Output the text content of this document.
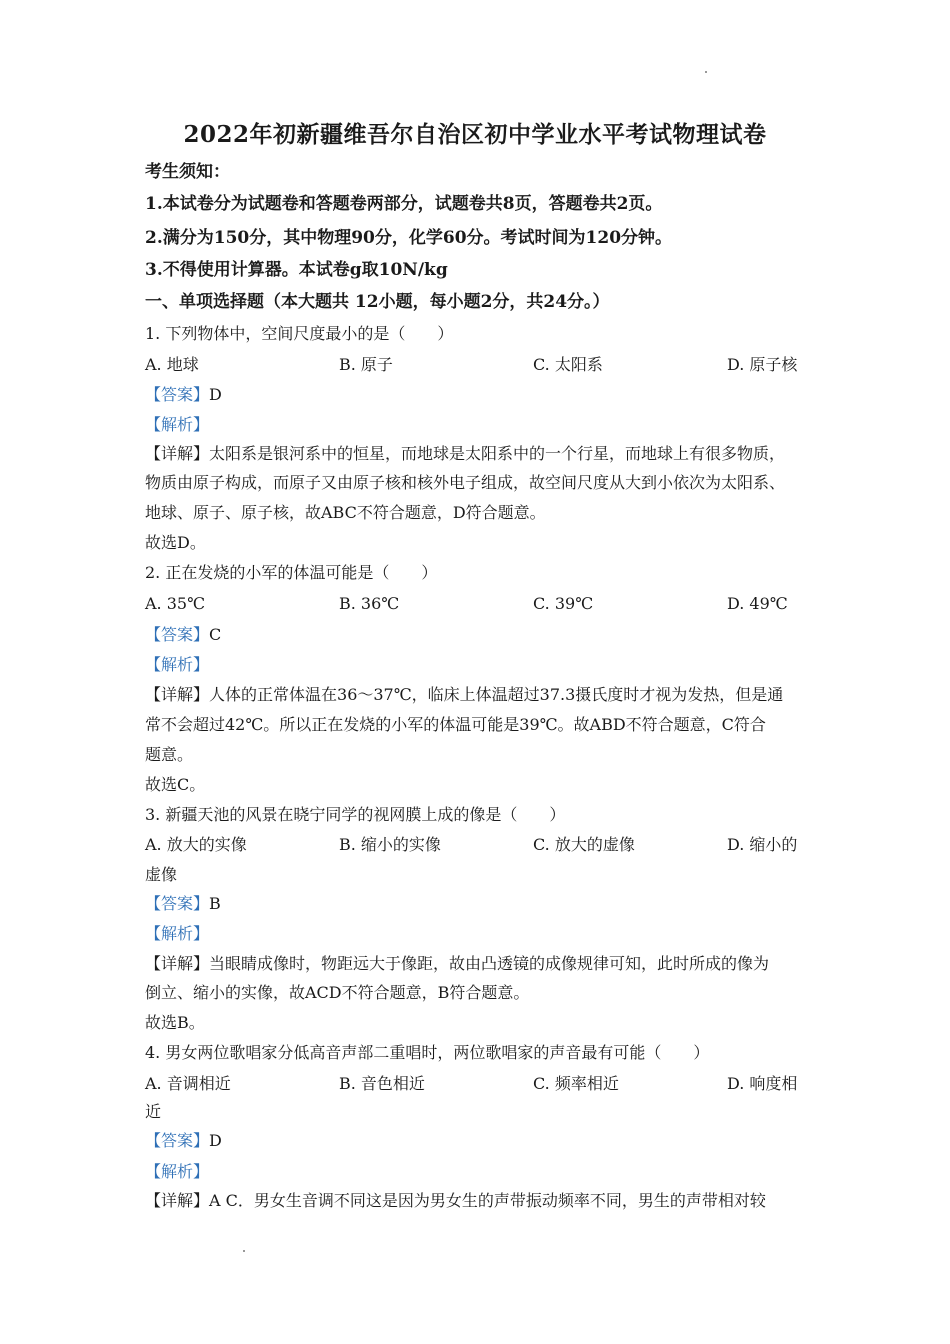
2022年初新疆维吾尔自治区初中学业水平考试物理试卷
考生须知：
1.本试卷分为试题卷和答题卷两部分，试题卷共8页，答题卷共2页。
2.满分为150分，其中物理90分，化学60分。考试时间为120分钟。
3.不得使用计算器。本试卷g取10N/kg
一、单项选择题（本大题共 12小题，每小题2分，共24分。）
1. 下列物体中，空间尺度最小的是（　　）
A. 地球	B. 原子	C. 太阳系	D. 原子核
【答案】D
【解析】
【详解】太阳系是银河系中的恒星，而地球是太阳系中的一个行星，而地球上有很多物质，
物质由原子构成，而原子又由原子核和核外电子组成，故空间尺度从大到小依次为太阳系、
地球、原子、原子核，故ABC不符合题意，D符合题意。
故选D。
2. 正在发烧的小军的体温可能是（　　）
A. 35℃	B. 36℃	C. 39℃	D. 49℃
【答案】C
【解析】
【详解】人体的正常体温在36～37℃，临床上体温超过37.3摄氏度时才视为发热，但是通
常不会超过42℃。所以正在发烧的小军的体温可能是39℃。故ABD不符合题意，C符合
题意。
故选C。
3. 新疆天池的风景在晓宁同学的视网膜上成的像是（　　）
A. 放大的实像	B. 缩小的实像	C. 放大的虚像	D. 缩小的
虚像
【答案】B
【解析】
【详解】当眼睛成像时，物距远大于像距，故由凸透镜的成像规律可知，此时所成的像为
倒立、缩小的实像，故ACD不符合题意，B符合题意。
故选B。
4. 男女两位歌唱家分低高音声部二重唱时，两位歌唱家的声音最有可能（　　）
A. 音调相近	B. 音色相近	C. 频率相近	D. 响度相
近
【答案】D
【解析】
【详解】A C．男女生音调不同这是因为男女生的声带振动频率不同，男生的声带相对较
